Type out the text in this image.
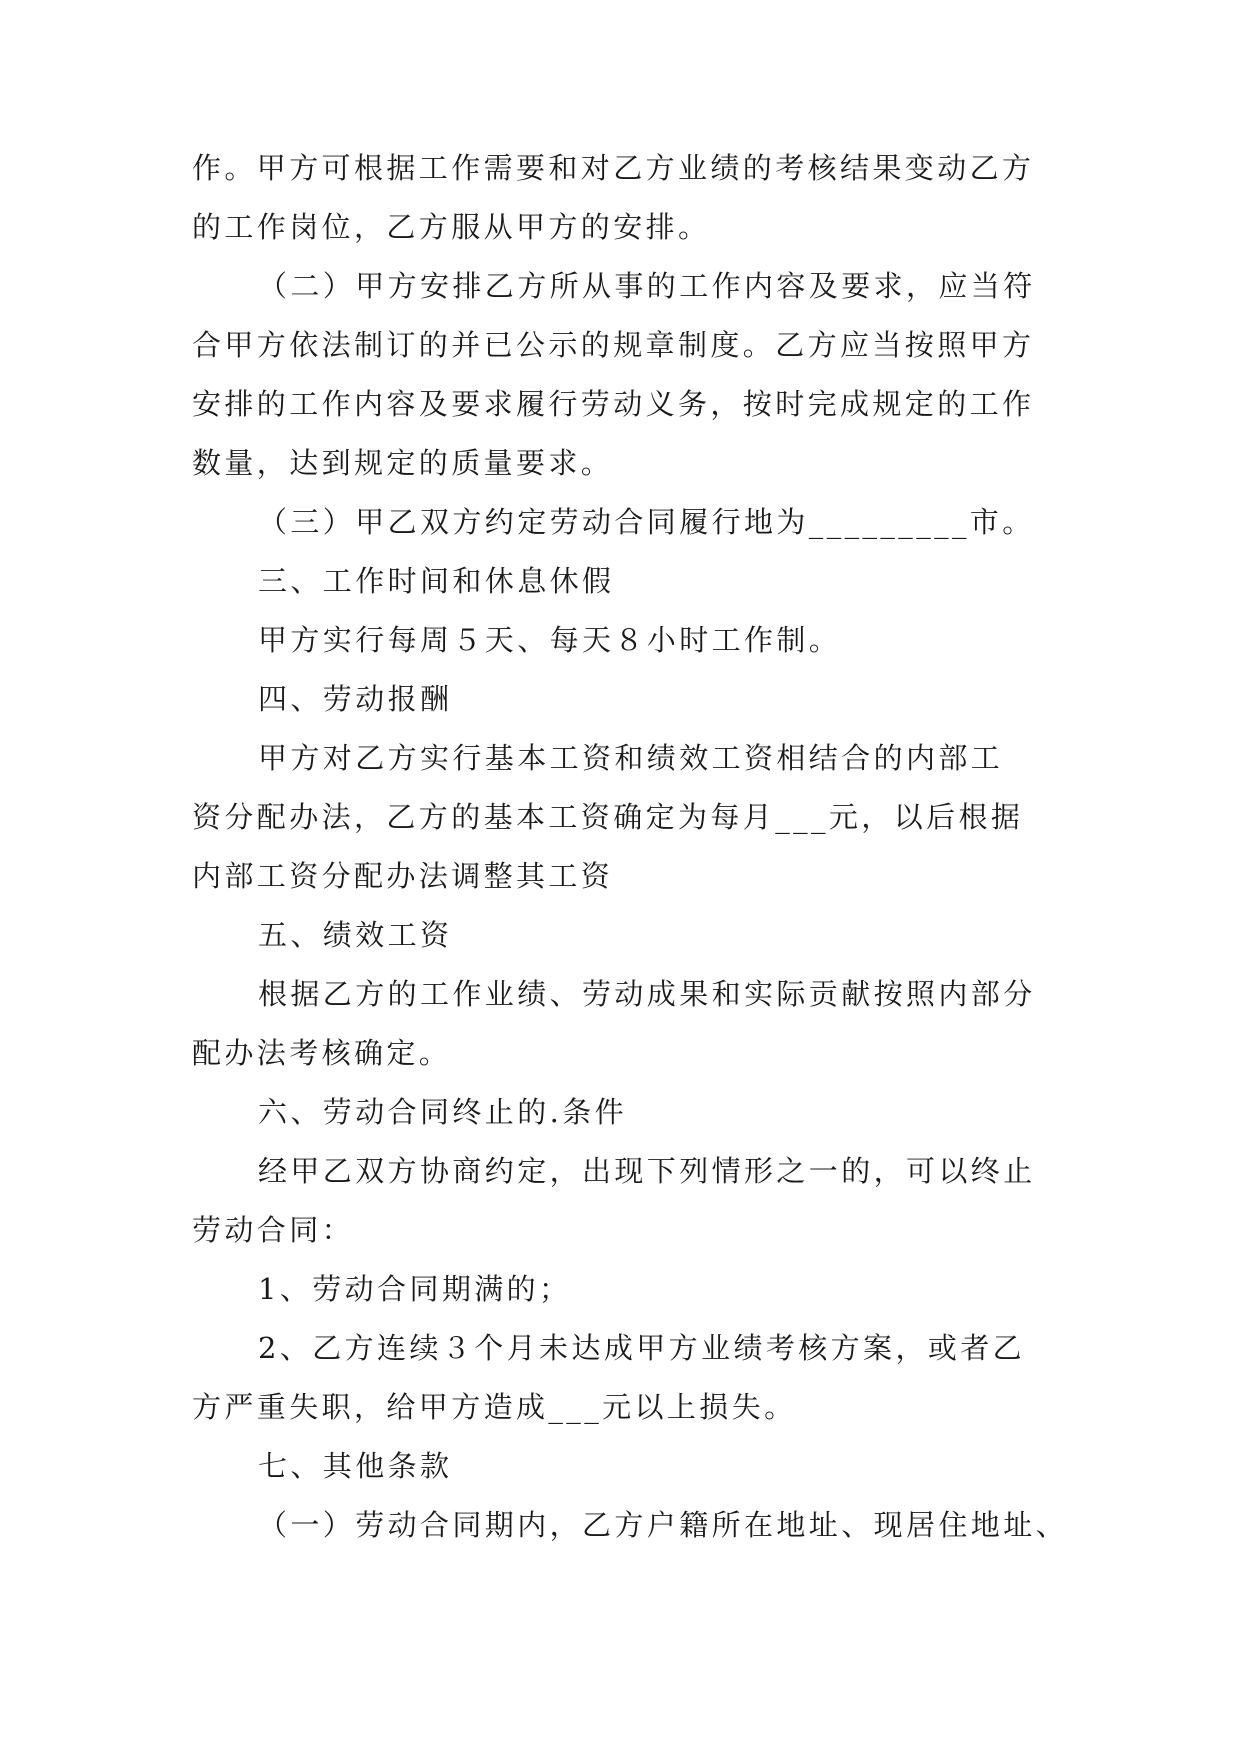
作。甲方可根据工作需要和对乙方业绩的考核结果变动乙方
的工作岗位，乙方服从甲方的安排。
（二）甲方安排乙方所从事的工作内容及要求，应当符
合甲方依法制订的并已公示的规章制度。乙方应当按照甲方
安排的工作内容及要求履行劳动义务，按时完成规定的工作
数量，达到规定的质量要求。
（三）甲乙双方约定劳动合同履行地为_________市。
三、工作时间和休息休假
甲方实行每周５天、每天８小时工作制。
四、劳动报酬
甲方对乙方实行基本工资和绩效工资相结合的内部工
资分配办法，乙方的基本工资确定为每月___元，以后根据
内部工资分配办法调整其工资
五、绩效工资
根据乙方的工作业绩、劳动成果和实际贡献按照内部分
配办法考核确定。
六、劳动合同终止的.条件
经甲乙双方协商约定，出现下列情形之一的，可以终止
劳动合同：
1、劳动合同期满的；
2、乙方连续３个月未达成甲方业绩考核方案，或者乙
方严重失职，给甲方造成___元以上损失。
七、其他条款
（一）劳动合同期内，乙方户籍所在地址、现居住地址、
